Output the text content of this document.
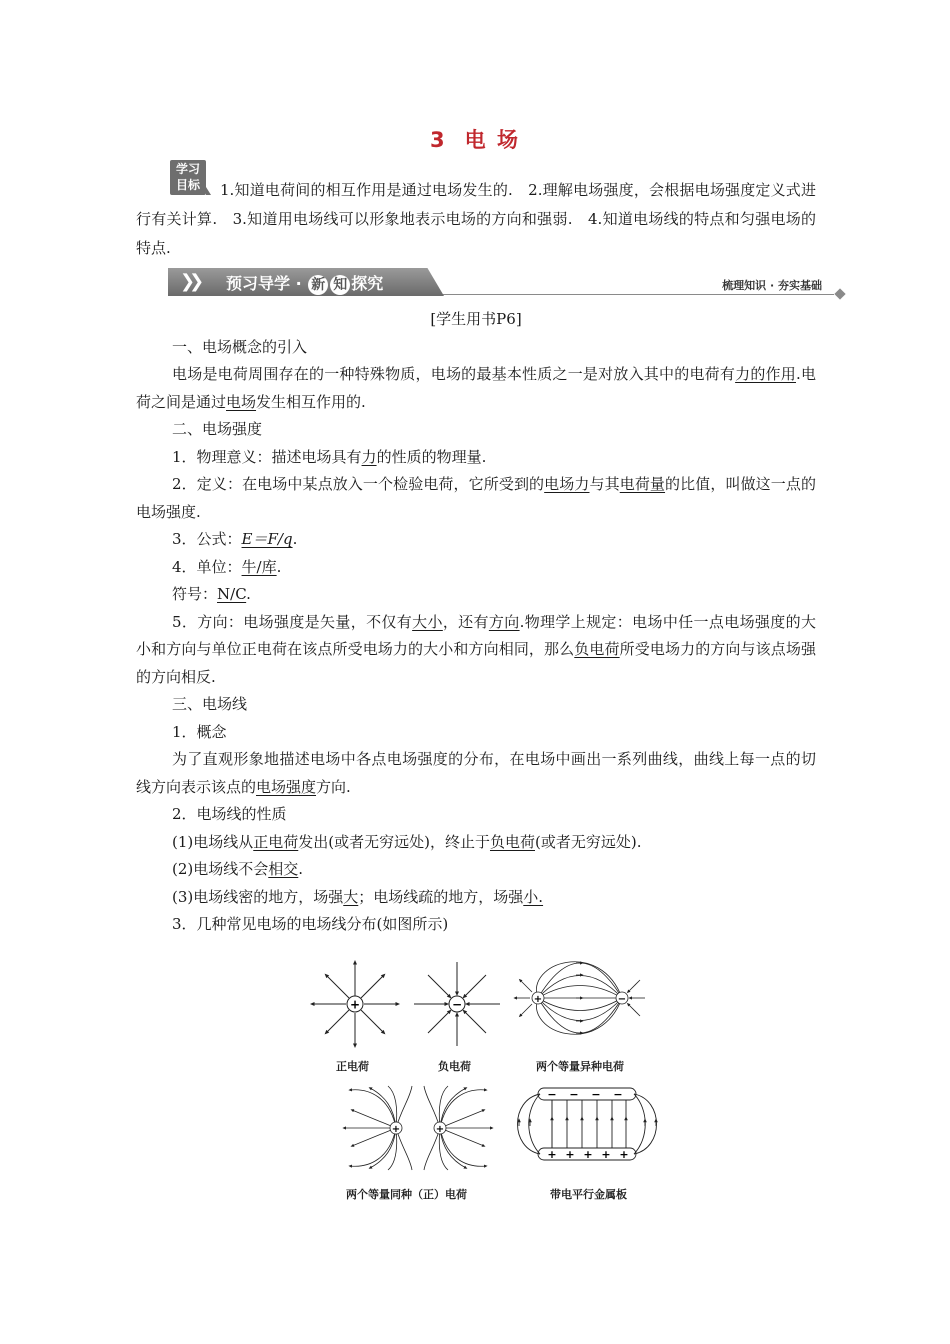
3 电 场
学习
目标	1.知道电荷间的相互作用是通过电场发生的.　2.理解电场强度，会根据电场强度定义式进行有关计算.　3.知道用电场线可以形象地表示电场的方向和强弱.　4.知道电场线的特点和匀强电场的特点.
❯❯ 预习导学 · 新 知 探究	梳理知识 · 夯实基础
[学生用书P6]

一、电场概念的引入

电场是电荷周围存在的一种特殊物质，电场的最基本性质之一是对放入其中的电荷有力的作用.电荷之间是通过电场发生相互作用的.

二、电场强度

1．物理意义：描述电场具有力的性质的物理量.

2．定义：在电场中某点放入一个检验电荷，它所受到的电场力与其电荷量的比值，叫做这一点的电场强度.

3．公式：E＝F/q.

4．单位：牛/库.

符号：N/C.

5．方向：电场强度是矢量，不仅有大小，还有方向.物理学上规定：电场中任一点电场强度的大小和方向与单位正电荷在该点所受电场力的大小和方向相同，那么负电荷所受电场力的方向与该点场强的方向相反.

三、电场线

1．概念

为了直观形象地描述电场中各点电场强度的分布，在电场中画出一系列曲线，曲线上每一点的切线方向表示该点的电场强度方向.

2．电场线的性质

(1)电场线从正电荷发出(或者无穷远处)，终止于负电荷(或者无穷远处).

(2)电场线不会相交.

(3)电场线密的地方，场强大；电场线疏的地方，场强小.

3．几种常见电场的电场线分布(如图所示)

+	−	+	−
+	+
− − − −
+ + + + +
正电荷	负电荷	两个等量异种电荷
两个等量同种（正）电荷	带电平行金属板
